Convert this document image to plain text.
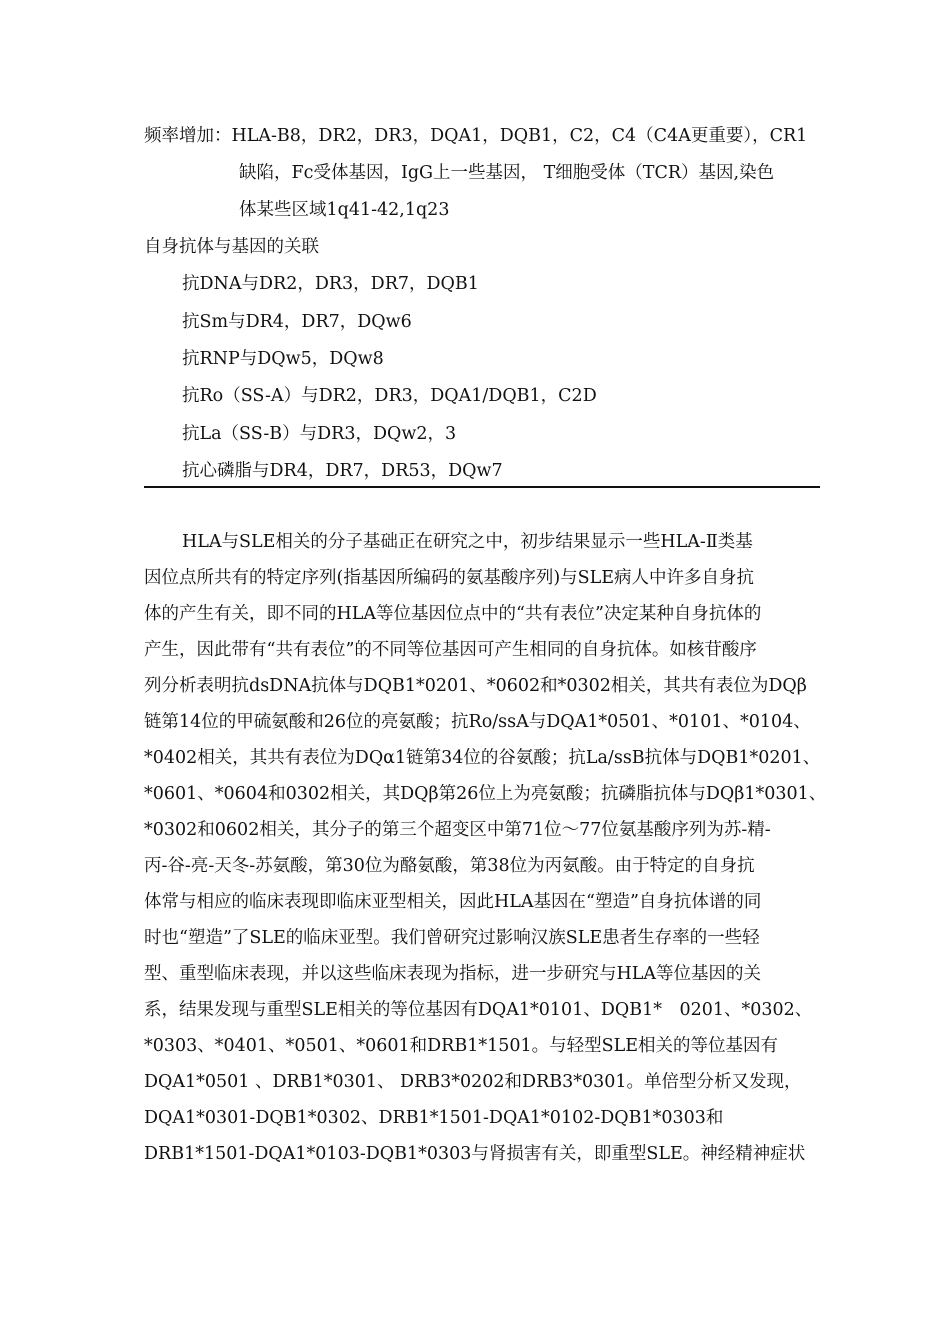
频率增加：HLA-B8，DR2，DR3，DQA1，DQB1，C2，C4（C4A更重要），CR1
缺陷，Fc受体基因，IgG上一些基因， T细胞受体（TCR）基因,染色
体某些区域1q41-42,1q23
自身抗体与基因的关联
抗DNA与DR2，DR3，DR7，DQB1
抗Sm与DR4，DR7，DQw6
抗RNP与DQw5，DQw8
抗Ro（SS-A）与DR2，DR3，DQA1/DQB1，C2D
抗La（SS-B）与DR3，DQw2，3
抗心磷脂与DR4，DR7，DR53，DQw7
HLA与SLE相关的分子基础正在研究之中，初步结果显示一些HLA-Ⅱ类基
因位点所共有的特定序列(指基因所编码的氨基酸序列)与SLE病人中许多自身抗
体的产生有关，即不同的HLA等位基因位点中的“共有表位”决定某种自身抗体的
产生，因此带有“共有表位”的不同等位基因可产生相同的自身抗体。如核苷酸序
列分析表明抗dsDNA抗体与DQB1*0201、*0602和*0302相关，其共有表位为DQβ
链第14位的甲硫氨酸和26位的亮氨酸；抗Ro/ssA与DQA1*0501、*0101、*0104、
*0402相关，其共有表位为DQα1链第34位的谷氨酸；抗La/ssB抗体与DQB1*0201、
*0601、*0604和0302相关，其DQβ第26位上为亮氨酸；抗磷脂抗体与DQβ1*0301、
*0302和0602相关，其分子的第三个超变区中第71位～77位氨基酸序列为苏-精-
丙-谷-亮-天冬-苏氨酸，第30位为酪氨酸，第38位为丙氨酸。由于特定的自身抗
体常与相应的临床表现即临床亚型相关，因此HLA基因在“塑造”自身抗体谱的同
时也“塑造”了SLE的临床亚型。我们曾研究过影响汉族SLE患者生存率的一些轻
型、重型临床表现，并以这些临床表现为指标，进一步研究与HLA等位基因的关
系，结果发现与重型SLE相关的等位基因有DQA1*0101、DQB1*　0201、*0302、
*0303、*0401、*0501、*0601和DRB1*1501。与轻型SLE相关的等位基因有
DQA1*0501 、DRB1*0301、 DRB3*0202和DRB3*0301。单倍型分析又发现，
DQA1*0301-DQB1*0302、DRB1*1501-DQA1*0102-DQB1*0303和
DRB1*1501-DQA1*0103-DQB1*0303与肾损害有关，即重型SLE。神经精神症状
